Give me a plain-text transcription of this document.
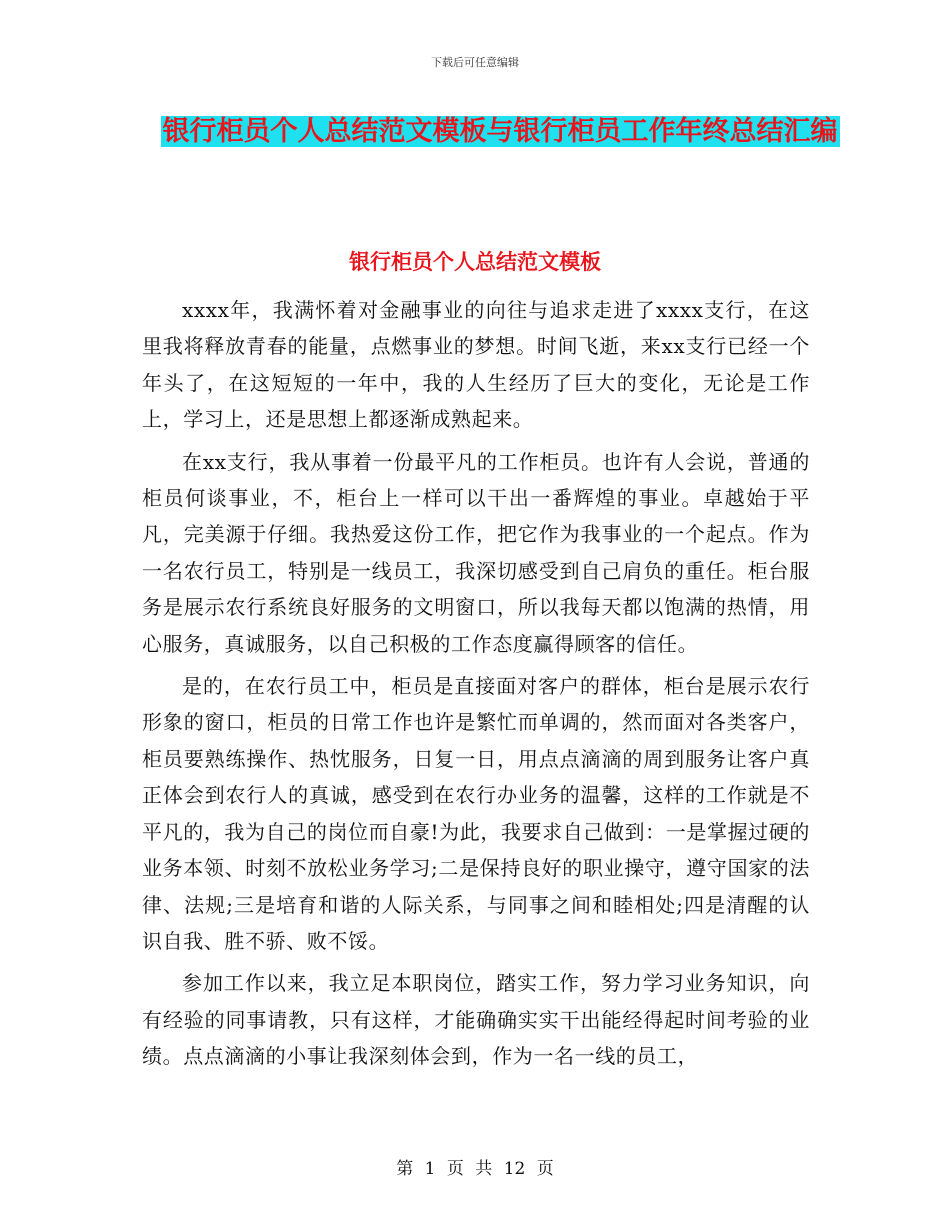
下载后可任意编辑
银行柜员个人总结范文模板与银行柜员工作年终总结汇编
银行柜员个人总结范文模板

xxxx年，我满怀着对金融事业的向往与追求走进了xxxx支行，在这里我将释放青春的能量，点燃事业的梦想。时间飞逝，来xx支行已经一个年头了，在这短短的一年中，我的人生经历了巨大的变化，无论是工作上，学习上，还是思想上都逐渐成熟起来。

在xx支行，我从事着一份最平凡的工作柜员。也许有人会说，普通的柜员何谈事业，不，柜台上一样可以干出一番辉煌的事业。卓越始于平凡，完美源于仔细。我热爱这份工作，把它作为我事业的一个起点。作为一名农行员工，特别是一线员工，我深切感受到自己肩负的重任。柜台服务是展示农行系统良好服务的文明窗口，所以我每天都以饱满的热情，用心服务，真诚服务，以自己积极的工作态度赢得顾客的信任。

是的，在农行员工中，柜员是直接面对客户的群体，柜台是展示农行形象的窗口，柜员的日常工作也许是繁忙而单调的，然而面对各类客户，柜员要熟练操作、热忱服务，日复一日，用点点滴滴的周到服务让客户真正体会到农行人的真诚，感受到在农行办业务的温馨，这样的工作就是不平凡的，我为自己的岗位而自豪!为此，我要求自己做到：一是掌握过硬的业务本领、时刻不放松业务学习;二是保持良好的职业操守，遵守国家的法律、法规;三是培育和谐的人际关系，与同事之间和睦相处;四是清醒的认识自我、胜不骄、败不馁。

参加工作以来，我立足本职岗位，踏实工作，努力学习业务知识，向有经验的同事请教，只有这样，才能确确实实干出能经得起时间考验的业绩。点点滴滴的小事让我深刻体会到，作为一名一线的员工，

第 1 页 共 12 页
